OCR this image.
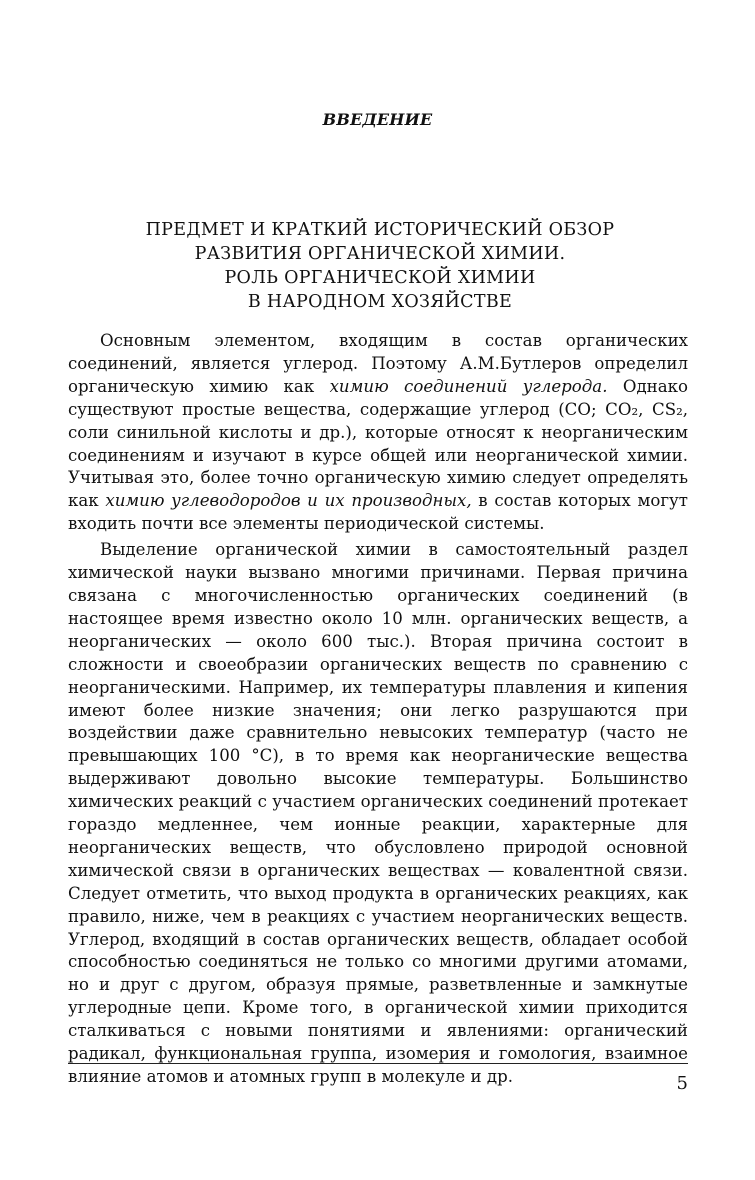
ВВЕДЕНИЕ
ПРЕДМЕТ И КРАТКИЙ ИСТОРИЧЕСКИЙ ОБЗОР
РАЗВИТИЯ ОРГАНИЧЕСКОЙ ХИМИИ.
РОЛЬ ОРГАНИЧЕСКОЙ ХИМИИ
В НАРОДНОМ ХОЗЯЙСТВЕ

Основным элементом, входящим в состав органических соединений, является углерод. Поэтому А.М.Бутлеров определил органическую химию как химию соединений углерода. Однако существуют простые вещества, содержащие углерод (CO; CO₂, CS₂, соли синильной кислоты и др.), которые относят к неорганическим соединениям и изучают в курсе общей или неорганической химии. Учитывая это, более точно органическую химию следует определять как химию углеводородов и их производных, в состав которых могут входить почти все элементы периодической системы.

Выделение органической химии в самостоятельный раздел химической науки вызвано многими причинами. Первая причина связана с многочисленностью органических соединений (в настоящее время известно около 10 млн. органических веществ, а неорганических — около 600 тыс.). Вторая причина состоит в сложности и своеобразии органических веществ по сравнению с неорганическими. Например, их температуры плавления и кипения имеют более низкие значения; они легко разрушаются при воздействии даже сравнительно невысоких температур (часто не превышающих 100 °C), в то время как неорганические вещества выдерживают довольно высокие температуры. Большинство химических реакций с участием органических соединений протекает гораздо медленнее, чем ионные реакции, характерные для неорганических веществ, что обусловлено природой основной химической связи в органических веществах — ковалентной связи. Следует отметить, что выход продукта в органических реакциях, как правило, ниже, чем в реакциях с участием неорганических веществ. Углерод, входящий в состав органических веществ, обладает особой способностью соединяться не только со многими другими атомами, но и друг с другом, образуя прямые, разветвленные и замкнутые углеродные цепи. Кроме того, в органической химии приходится сталкиваться с новыми понятиями и явлениями: органический радикал, функциональная группа, изомерия и гомология, взаимное влияние атомов и атомных групп в молекуле и др.	5
